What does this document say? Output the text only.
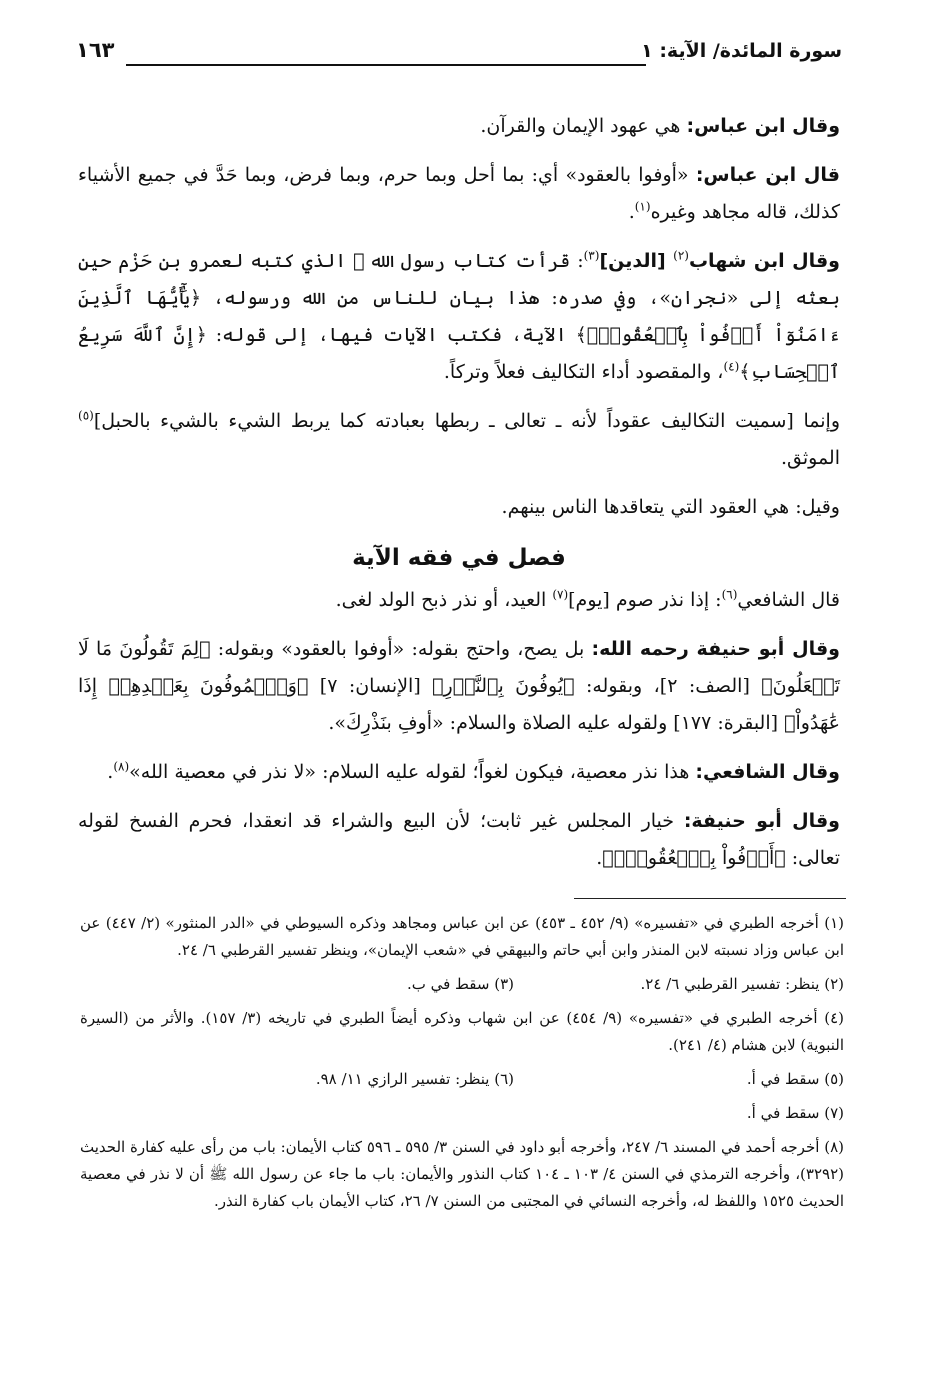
سورة المائدة/ الآية: ١
١٦٣

وقال ابن عباس: هي عهود الإيمان والقرآن.

قال ابن عباس: «أوفوا بالعقود» أي: بما أحل وبما حرم، وبما فرض، وبما حَدَّ في جميع الأشياء كذلك، قاله مجاهد وغيره$^{(١)}$.

وقال ابن شهاب$^{(٢)}$ [الدين]$^{(٣)}$: قرأت كتاب رسول الله ﷺ الذي كتبه لعمرو بن حَزْم حين بعثه إلى «نجران»، وفي صدره: هذا بيان للناس من الله ورسوله، ﴿يَٰٓأَيُّهَا ٱلَّذِينَ ءَامَنُوٓاْ أَوۡفُواْ بِٱلۡعُقُودِۚ﴾ الآية، فكتب الآيات فيها، إلى قوله: ﴿إِنَّ ٱللَّهَ سَرِيعُ ٱلۡحِسَابِ﴾$^{(٤)}$، والمقصود أداء التكاليف فعلاً وتركاً.

وإنما [سميت التكاليف عقوداً لأنه ـ تعالى ـ ربطها بعبادته كما يربط الشيء بالشيء بالحبل]$^{(٥)}$ الموثق.

وقيل: هي العقود التي يتعاقدها الناس بينهم.

فصل في فقه الآية

قال الشافعي$^{(٦)}$: إذا نذر صوم [يوم]$^{(٧)}$ العيد، أو نذر ذبح الولد لغى.

وقال أبو حنيفة رحمه الله: بل يصح، واحتج بقوله: «أوفوا بالعقود» وبقوله: ﴿لِمَ تَقُولُونَ مَا لَا تَفۡعَلُونَ﴾ [الصف: ٢]، وبقوله: ﴿يُوفُونَ بِٱلنَّذۡرِ﴾ [الإنسان: ٧] ﴿وَٱلۡمُوفُونَ بِعَهۡدِهِمۡ إِذَا عَٰهَدُواْ﴾ [البقرة: ١٧٧] ولقوله عليه الصلاة والسلام: «أوفِ بنَذْرِكَ».

وقال الشافعي: هذا نذر معصية، فيكون لغواً؛ لقوله عليه السلام: «لا نذر في معصية الله»$^{(٨)}$.

وقال أبو حنيفة: خيار المجلس غير ثابت؛ لأن البيع والشراء قد انعقدا، فحرم الفسخ لقوله تعالى: ﴿أَوۡفُواْ بِٱلۡعُقُودِۚ﴾.

(١) أخرجه الطبري في «تفسيره» (٩/ ٤٥٢ ـ ٤٥٣) عن ابن عباس ومجاهد وذكره السيوطي في «الدر المنثور» (٢/ ٤٤٧) عن ابن عباس وزاد نسبته لابن المنذر وابن أبي حاتم والبيهقي في «شعب الإيمان»، وينظر تفسير القرطبي ٦/ ٢٤.
(٢) ينظر: تفسير القرطبي ٦/ ٢٤.
(٣) سقط في ب.
(٤) أخرجه الطبري في «تفسيره» (٩/ ٤٥٤) عن ابن شهاب وذكره أيضاً الطبري في تاريخه (٣/ ١٥٧). والأثر من (السيرة النبوية) لابن هشام (٤/ ٢٤١).
(٥) سقط في أ.
(٦) ينظر: تفسير الرازي ١١/ ٩٨.
(٧) سقط في أ.
(٨) أخرجه أحمد في المسند ٦/ ٢٤٧، وأخرجه أبو داود في السنن ٣/ ٥٩٥ ـ ٥٩٦ كتاب الأيمان: باب من رأى عليه كفارة الحديث (٣٢٩٢)، وأخرجه الترمذي في السنن ٤/ ١٠٣ ـ ١٠٤ كتاب النذور والأيمان: باب ما جاء عن رسول الله ﷺ أن لا نذر في معصية الحديث ١٥٢٥ واللفظ له، وأخرجه النسائي في المجتبى من السنن ٧/ ٢٦، كتاب الأيمان باب كفارة النذر.
